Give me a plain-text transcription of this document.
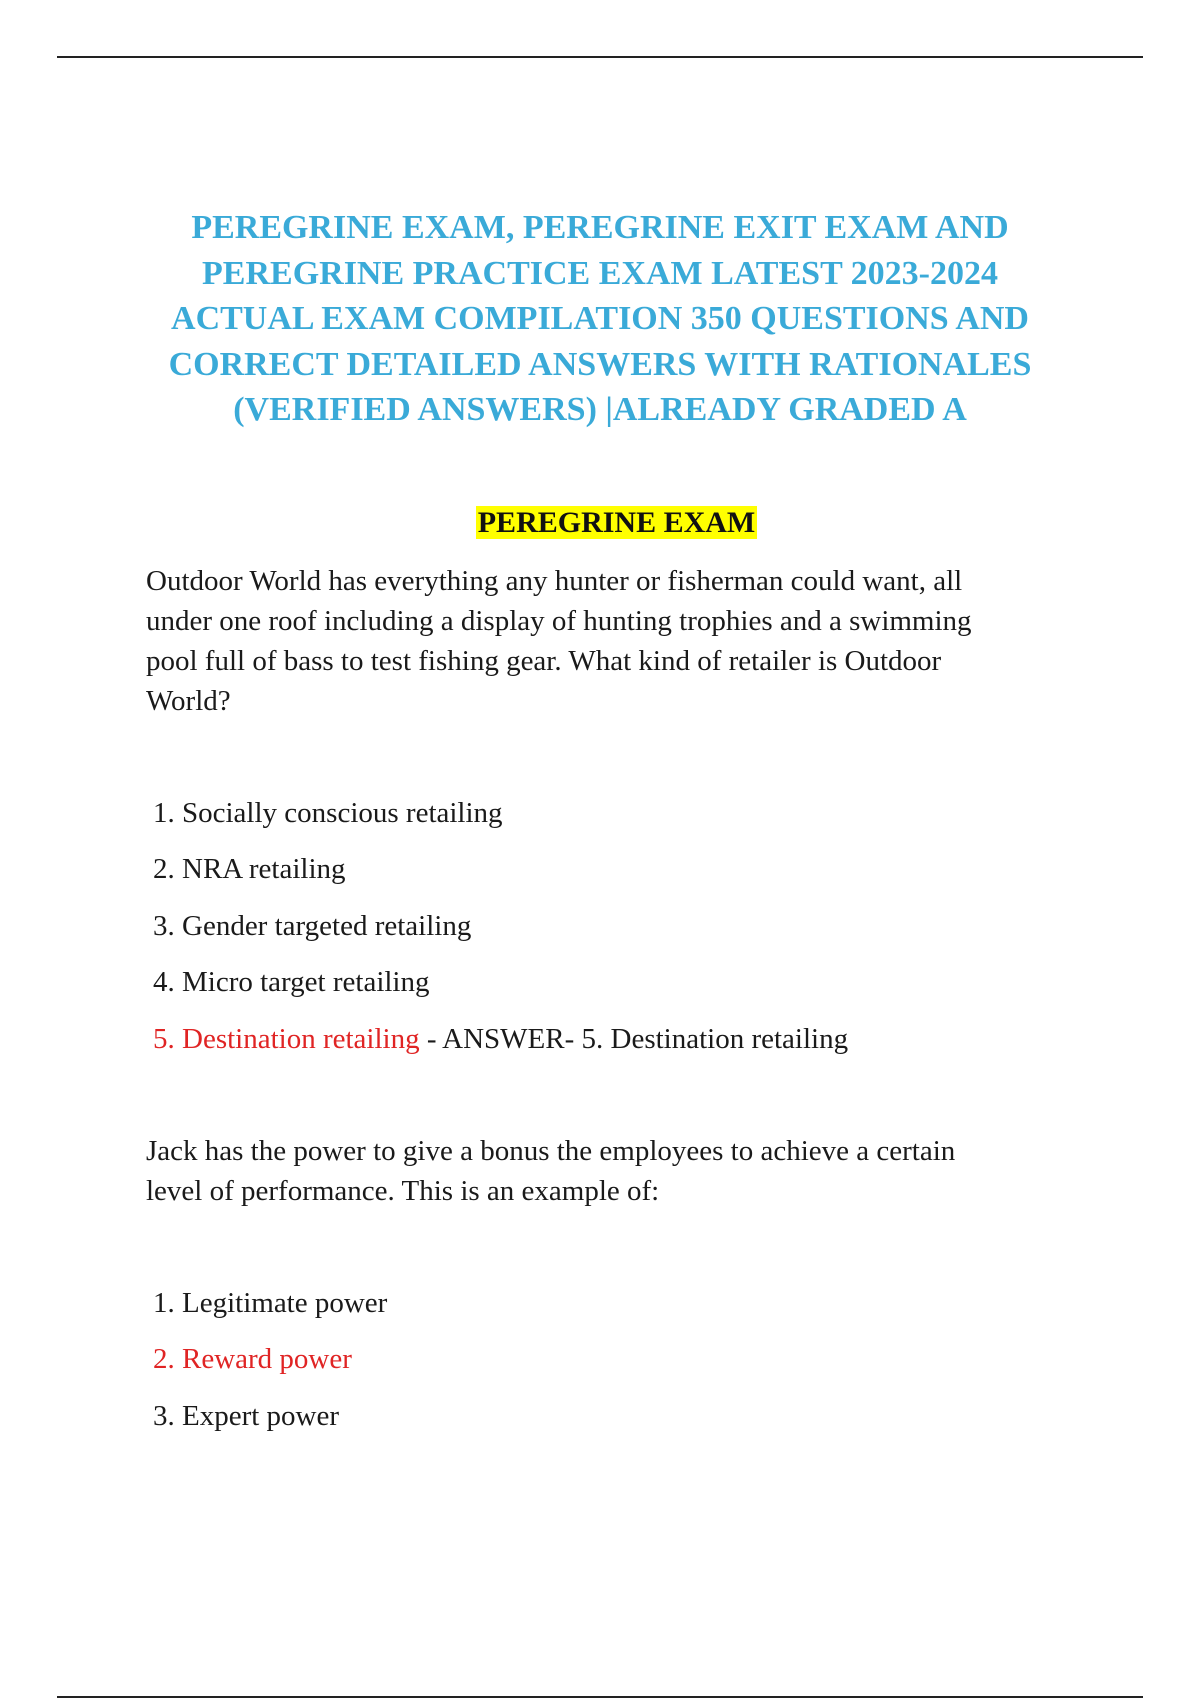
PEREGRINE EXAM, PEREGRINE EXIT EXAM AND
PEREGRINE PRACTICE EXAM LATEST 2023-2024
ACTUAL EXAM COMPILATION 350 QUESTIONS AND
CORRECT DETAILED ANSWERS WITH RATIONALES
(VERIFIED ANSWERS) |ALREADY GRADED A
PEREGRINE EXAM
Outdoor World has everything any hunter or fisherman could want, all
under one roof including a display of hunting trophies and a swimming
pool full of bass to test fishing gear. What kind of retailer is Outdoor
World?

1. Socially conscious retailing

2. NRA retailing

3. Gender targeted retailing

4. Micro target retailing

5. Destination retailing - ANSWER- 5. Destination retailing

Jack has the power to give a bonus the employees to achieve a certain
level of performance. This is an example of:

1. Legitimate power

2. Reward power

3. Expert power
